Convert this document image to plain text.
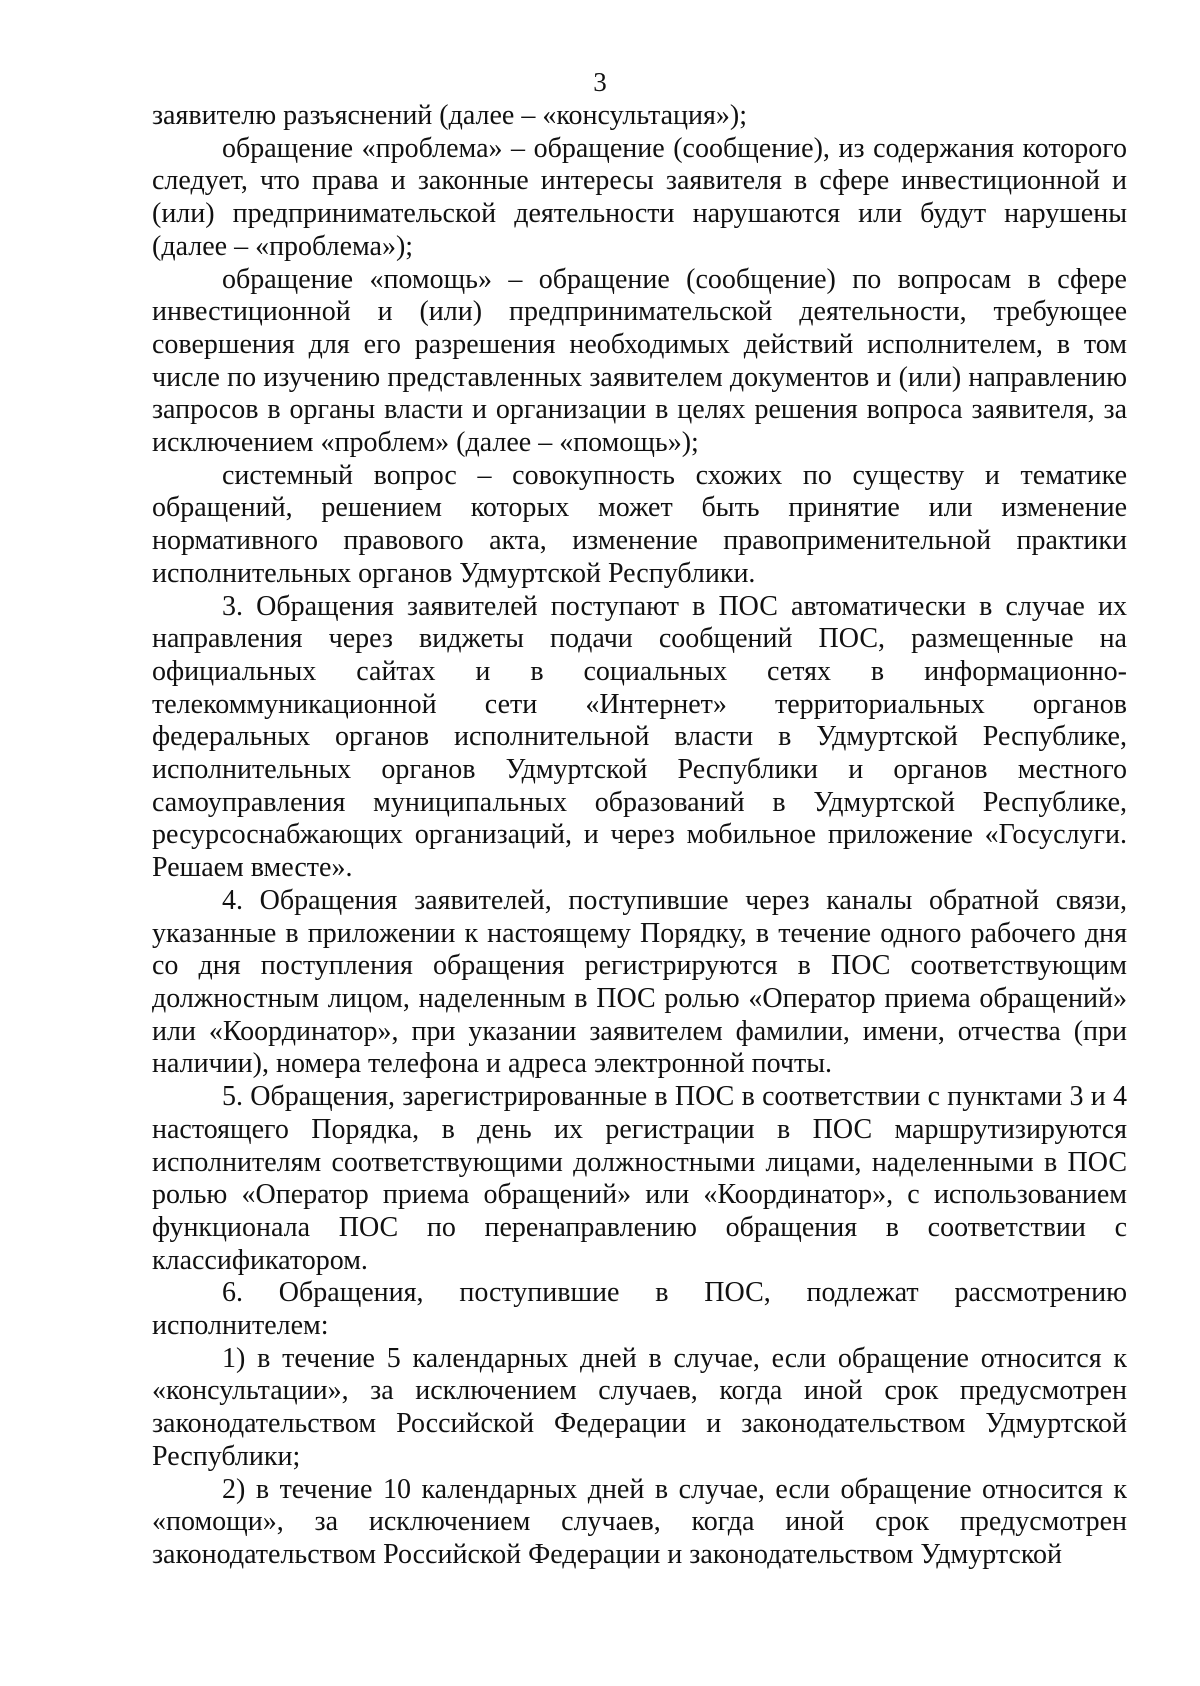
3

заявителю разъяснений (далее – «консультация»);

обращение «проблема» – обращение (сообщение), из содержания которого следует, что права и законные интересы заявителя в сфере инвестиционной и (или) предпринимательской деятельности нарушаются или будут нарушены (далее – «проблема»);

обращение «помощь» – обращение (сообщение) по вопросам в сфере инвестиционной и (или) предпринимательской деятельности, требующее совершения для его разрешения необходимых действий исполнителем, в том числе по изучению представленных заявителем документов и (или) направлению запросов в органы власти и организации в целях решения вопроса заявителя, за исключением «проблем» (далее – «помощь»);

системный вопрос – совокупность схожих по существу и тематике обращений, решением которых может быть принятие или изменение нормативного правового акта, изменение правоприменительной практики исполнительных органов Удмуртской Республики.

3. Обращения заявителей поступают в ПОС автоматически в случае их направления через виджеты подачи сообщений ПОС, размещенные на официальных сайтах и в социальных сетях в информационно-телекоммуникационной сети «Интернет» территориальных органов федеральных органов исполнительной власти в Удмуртской Республике, исполнительных органов Удмуртской Республики и органов местного самоуправления муниципальных образований в Удмуртской Республике, ресурсоснабжающих организаций, и через мобильное приложение «Госуслуги. Решаем вместе».

4. Обращения заявителей, поступившие через каналы обратной связи, указанные в приложении к настоящему Порядку, в течение одного рабочего дня со дня поступления обращения регистрируются в ПОС соответствующим должностным лицом, наделенным в ПОС ролью «Оператор приема обращений» или «Координатор», при указании заявителем фамилии, имени, отчества (при наличии), номера телефона и адреса электронной почты.

5. Обращения, зарегистрированные в ПОС в соответствии с пунктами 3 и 4 настоящего Порядка, в день их регистрации в ПОС маршрутизируются исполнителям соответствующими должностными лицами, наделенными в ПОС ролью «Оператор приема обращений» или «Координатор», с использованием функционала ПОС по перенаправлению обращения в соответствии с классификатором.

6. Обращения, поступившие в ПОС, подлежат рассмотрению исполнителем:

1) в течение 5 календарных дней в случае, если обращение относится к «консультации», за исключением случаев, когда иной срок предусмотрен законодательством Российской Федерации и законодательством Удмуртской Республики;

2) в течение 10 календарных дней в случае, если обращение относится к «помощи», за исключением случаев, когда иной срок предусмотрен законодательством Российской Федерации и законодательством Удмуртской
